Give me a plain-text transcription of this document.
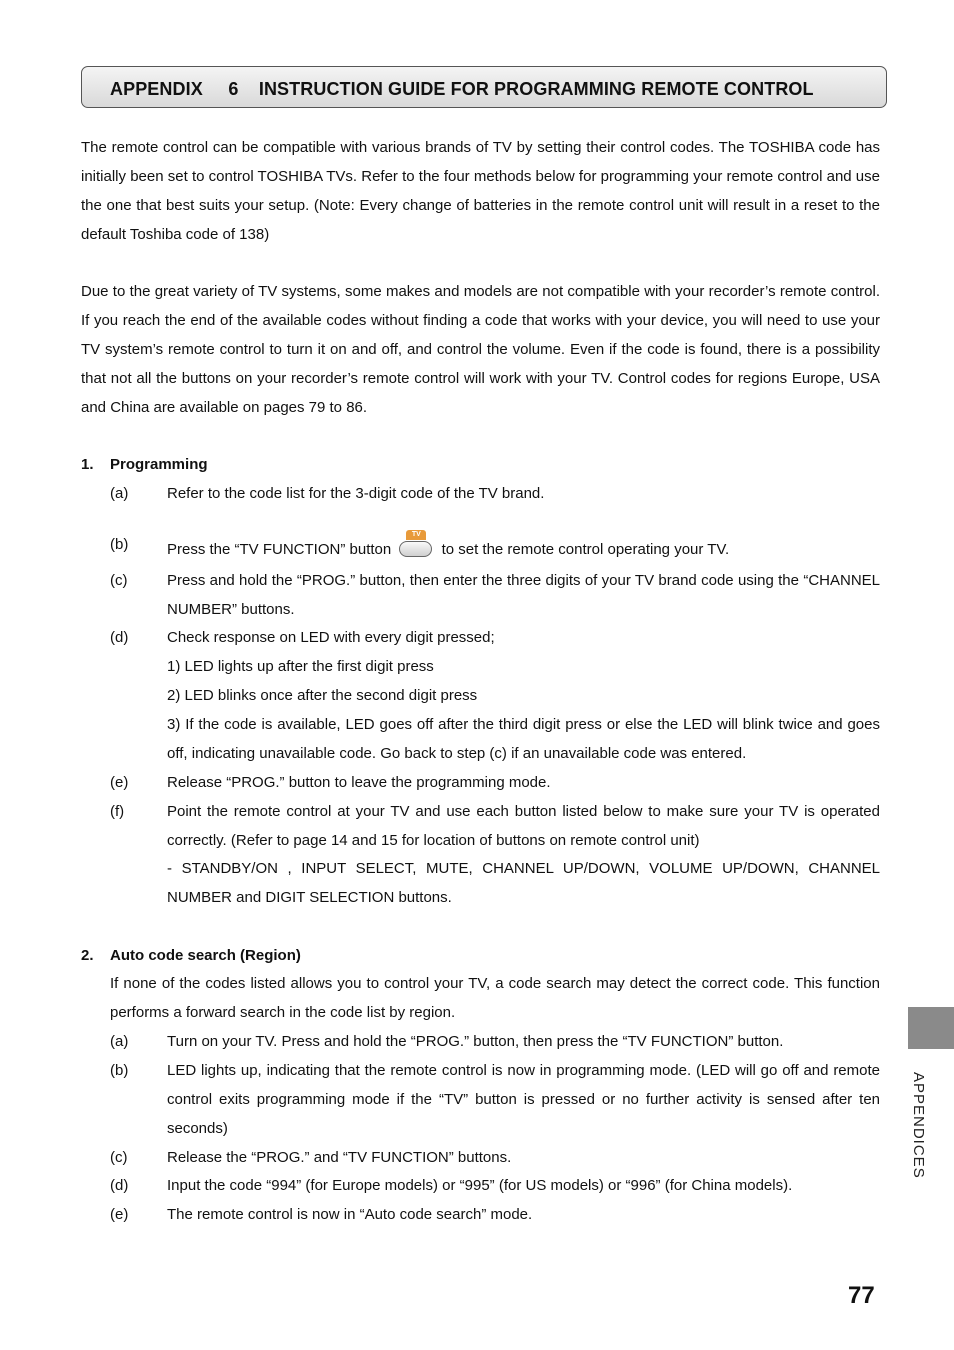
APPENDIX     6    INSTRUCTION GUIDE FOR PROGRAMMING REMOTE CONTROL

The remote control can be compatible with various brands of TV by setting their control codes. The TOSHIBA code has initially been set to control TOSHIBA TVs. Refer to the four methods below for programming your remote control and use the one that best suits your setup. (Note: Every change of batteries in the remote control unit will result in a reset to the default Toshiba code of 138)

Due to the great variety of TV systems, some makes and models are not compatible with your recorder’s remote control. If you reach the end of the available codes without finding a code that works with your device, you will need to use your TV system’s remote control to turn it on and off, and control the volume. Even if the code is found, there is a possibility that not all the buttons on your recorder’s remote control will work with your TV. Control codes for regions Europe, USA and China are available on pages 79 to 86.

1. Programming
(a)	Refer to the code list for the 3-digit code of the TV brand.
(b)	Press the “TV FUNCTION” button
TV
to set the remote control operating your TV.
(c)	Press and hold the “PROG.” button, then enter the three digits of your TV brand code using the “CHANNEL NUMBER” buttons.
(d)	Check response on LED with every digit pressed;
1) LED lights up after the first digit press
2) LED blinks once after the second digit press
3) If the code is available, LED goes off after the third digit press or else the LED will blink twice and goes off, indicating unavailable code. Go back to step (c) if an unavailable code was entered.
(e)	Release “PROG.” button to leave the programming mode.
(f)	Point the remote control at your TV and use each button listed below to make sure your TV is operated correctly. (Refer to page 14 and 15 for location of buttons on remote control unit)
- STANDBY/ON , INPUT SELECT, MUTE, CHANNEL UP/DOWN, VOLUME UP/DOWN, CHANNEL NUMBER and DIGIT SELECTION buttons.
2. Auto code search (Region)
If none of the codes listed allows you to control your TV, a code search may detect the correct code. This function performs a forward search in the code list by region.
(a)	Turn on your TV. Press and hold the “PROG.” button, then press the “TV FUNCTION” button.
(b)	LED lights up, indicating that the remote control is now in programming mode. (LED will go off and remote control exits programming mode if the “TV” button is pressed or no further activity is sensed after ten seconds)
(c)	Release the “PROG.” and “TV FUNCTION” buttons.
(d)	Input the code “994” (for Europe models) or “995” (for US models) or “996” (for China models).
(e)	The remote control is now in “Auto code search” mode.
APPENDICES
77
